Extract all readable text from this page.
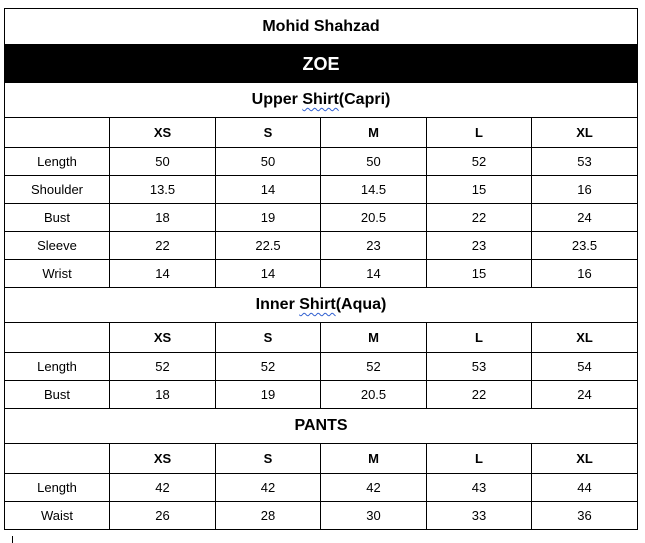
Mohid Shahzad					
ZOE					
Upper Shirt(Capri)					
	XS	S	M	L	XL
Length	50	50	50	52	53
Shoulder	13.5	14	14.5	15	16
Bust	18	19	20.5	22	24
Sleeve	22	22.5	23	23	23.5
Wrist	14	14	14	15	16
Inner Shirt(Aqua)					
	XS	S	M	L	XL
Length	52	52	52	53	54
Bust	18	19	20.5	22	24
PANTS					
	XS	S	M	L	XL
Length	42	42	42	43	44
Waist	26	28	30	33	36
